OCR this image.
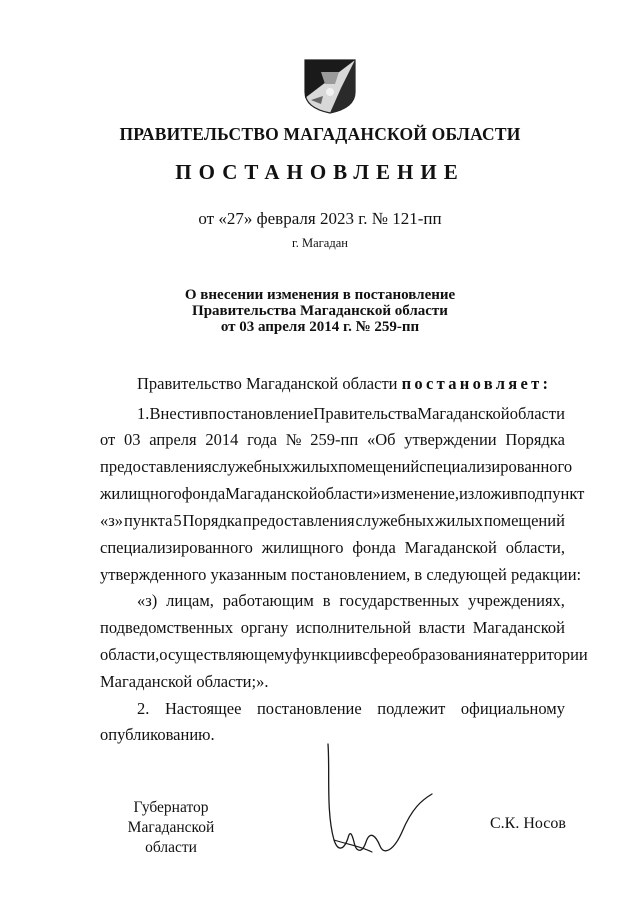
ПРАВИТЕЛЬСТВО МАГАДАНСКОЙ ОБЛАСТИ
ПОСТАНОВЛЕНИЕ
от «27» февраля 2023 г. № 121-пп
г. Магадан
О внесении изменения в постановление
Правительства Магаданской области
от 03 апреля 2014 г. № 259-пп
Правительство Магаданской области постановляет:
1. Внести в постановление Правительства Магаданской области
от 03 апреля 2014 года № 259-пп «Об утверждении Порядка
предоставления служебных жилых помещений специализированного
жилищного фонда Магаданской области» изменение, изложив подпункт
«з» пункта 5 Порядка предоставления служебных жилых помещений
специализированного жилищного фонда Магаданской области,
утвержденного указанным постановлением, в следующей редакции:
«з) лицам, работающим в государственных учреждениях,
подведомственных органу исполнительной власти Магаданской
области, осуществляющему функции в сфере образования на территории
Магаданской области;».
2. Настоящее постановление подлежит официальному
опубликованию.
Губернатор
Магаданской области
С.К. Носов
